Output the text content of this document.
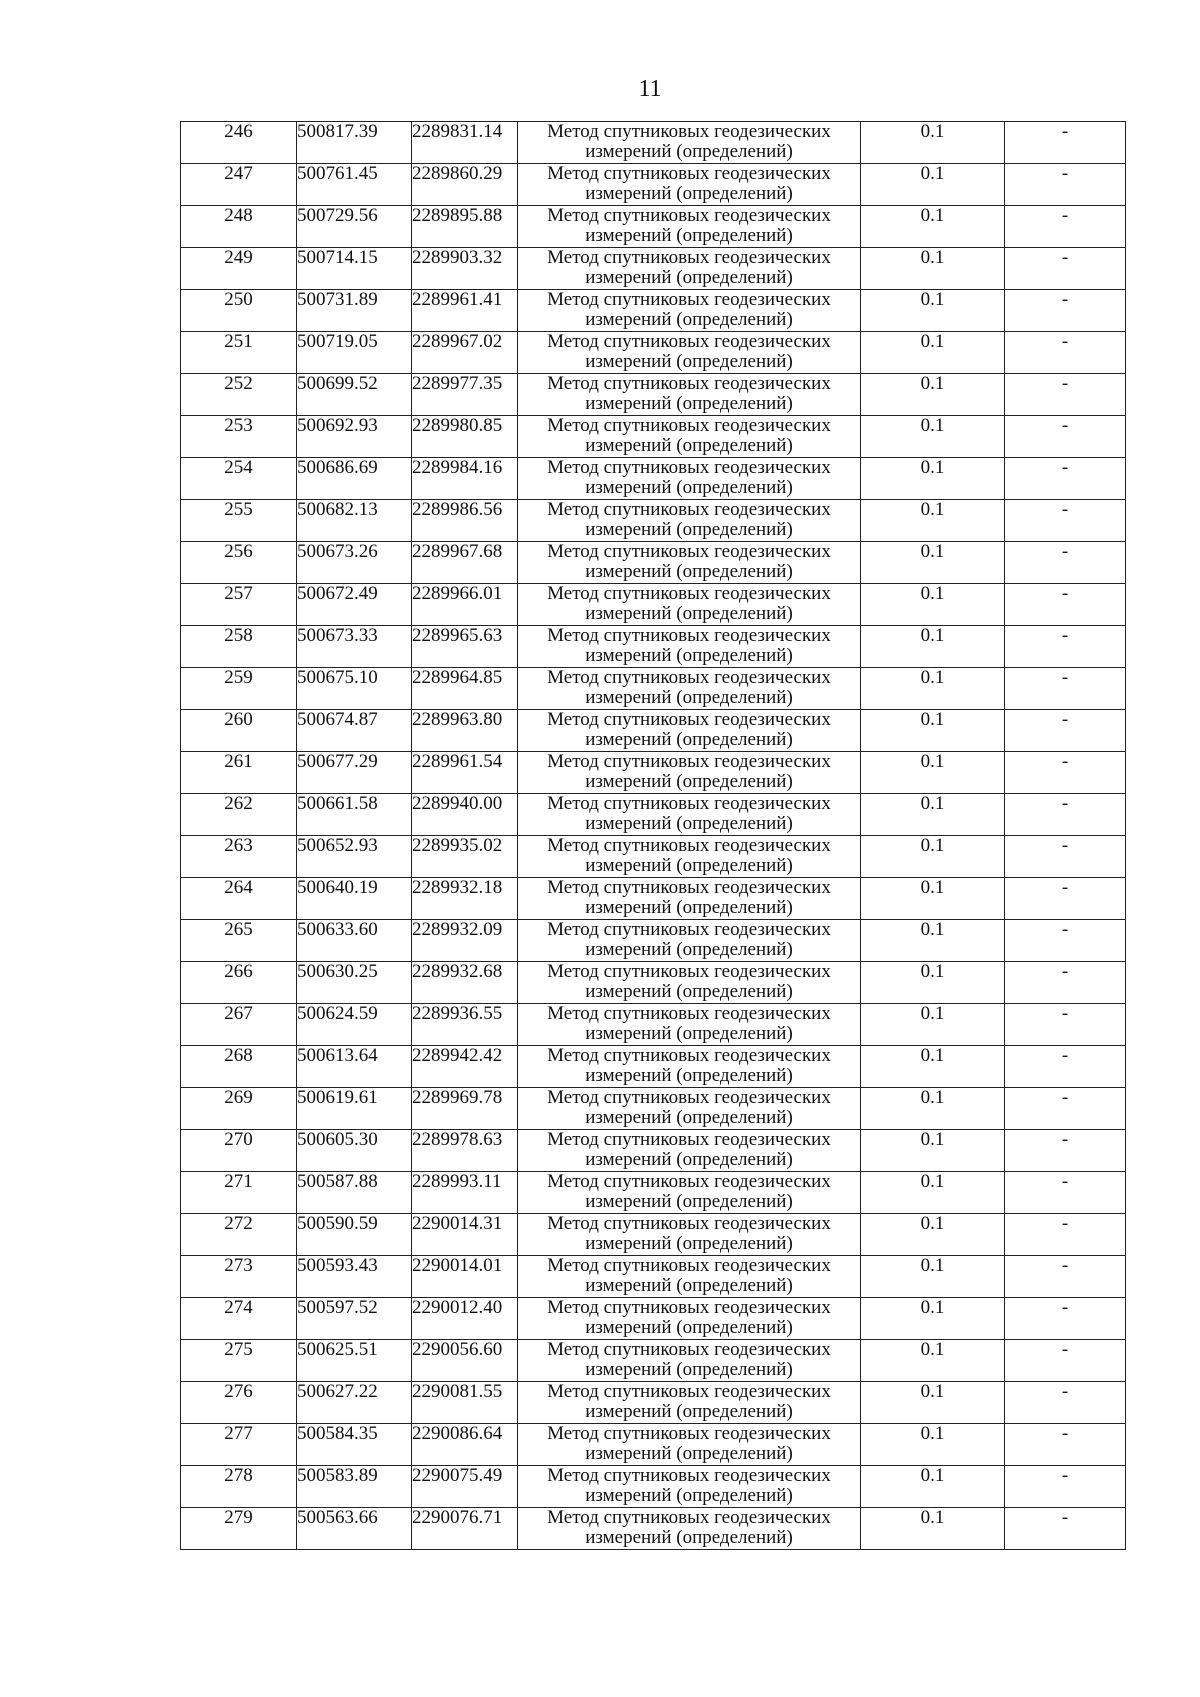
11
246	500817.39	2289831.14	Метод спутниковых геодезических
измерений (определений)	0.1	-
247	500761.45	2289860.29	Метод спутниковых геодезических
измерений (определений)	0.1	-
248	500729.56	2289895.88	Метод спутниковых геодезических
измерений (определений)	0.1	-
249	500714.15	2289903.32	Метод спутниковых геодезических
измерений (определений)	0.1	-
250	500731.89	2289961.41	Метод спутниковых геодезических
измерений (определений)	0.1	-
251	500719.05	2289967.02	Метод спутниковых геодезических
измерений (определений)	0.1	-
252	500699.52	2289977.35	Метод спутниковых геодезических
измерений (определений)	0.1	-
253	500692.93	2289980.85	Метод спутниковых геодезических
измерений (определений)	0.1	-
254	500686.69	2289984.16	Метод спутниковых геодезических
измерений (определений)	0.1	-
255	500682.13	2289986.56	Метод спутниковых геодезических
измерений (определений)	0.1	-
256	500673.26	2289967.68	Метод спутниковых геодезических
измерений (определений)	0.1	-
257	500672.49	2289966.01	Метод спутниковых геодезических
измерений (определений)	0.1	-
258	500673.33	2289965.63	Метод спутниковых геодезических
измерений (определений)	0.1	-
259	500675.10	2289964.85	Метод спутниковых геодезических
измерений (определений)	0.1	-
260	500674.87	2289963.80	Метод спутниковых геодезических
измерений (определений)	0.1	-
261	500677.29	2289961.54	Метод спутниковых геодезических
измерений (определений)	0.1	-
262	500661.58	2289940.00	Метод спутниковых геодезических
измерений (определений)	0.1	-
263	500652.93	2289935.02	Метод спутниковых геодезических
измерений (определений)	0.1	-
264	500640.19	2289932.18	Метод спутниковых геодезических
измерений (определений)	0.1	-
265	500633.60	2289932.09	Метод спутниковых геодезических
измерений (определений)	0.1	-
266	500630.25	2289932.68	Метод спутниковых геодезических
измерений (определений)	0.1	-
267	500624.59	2289936.55	Метод спутниковых геодезических
измерений (определений)	0.1	-
268	500613.64	2289942.42	Метод спутниковых геодезических
измерений (определений)	0.1	-
269	500619.61	2289969.78	Метод спутниковых геодезических
измерений (определений)	0.1	-
270	500605.30	2289978.63	Метод спутниковых геодезических
измерений (определений)	0.1	-
271	500587.88	2289993.11	Метод спутниковых геодезических
измерений (определений)	0.1	-
272	500590.59	2290014.31	Метод спутниковых геодезических
измерений (определений)	0.1	-
273	500593.43	2290014.01	Метод спутниковых геодезических
измерений (определений)	0.1	-
274	500597.52	2290012.40	Метод спутниковых геодезических
измерений (определений)	0.1	-
275	500625.51	2290056.60	Метод спутниковых геодезических
измерений (определений)	0.1	-
276	500627.22	2290081.55	Метод спутниковых геодезических
измерений (определений)	0.1	-
277	500584.35	2290086.64	Метод спутниковых геодезических
измерений (определений)	0.1	-
278	500583.89	2290075.49	Метод спутниковых геодезических
измерений (определений)	0.1	-
279	500563.66	2290076.71	Метод спутниковых геодезических
измерений (определений)	0.1	-
